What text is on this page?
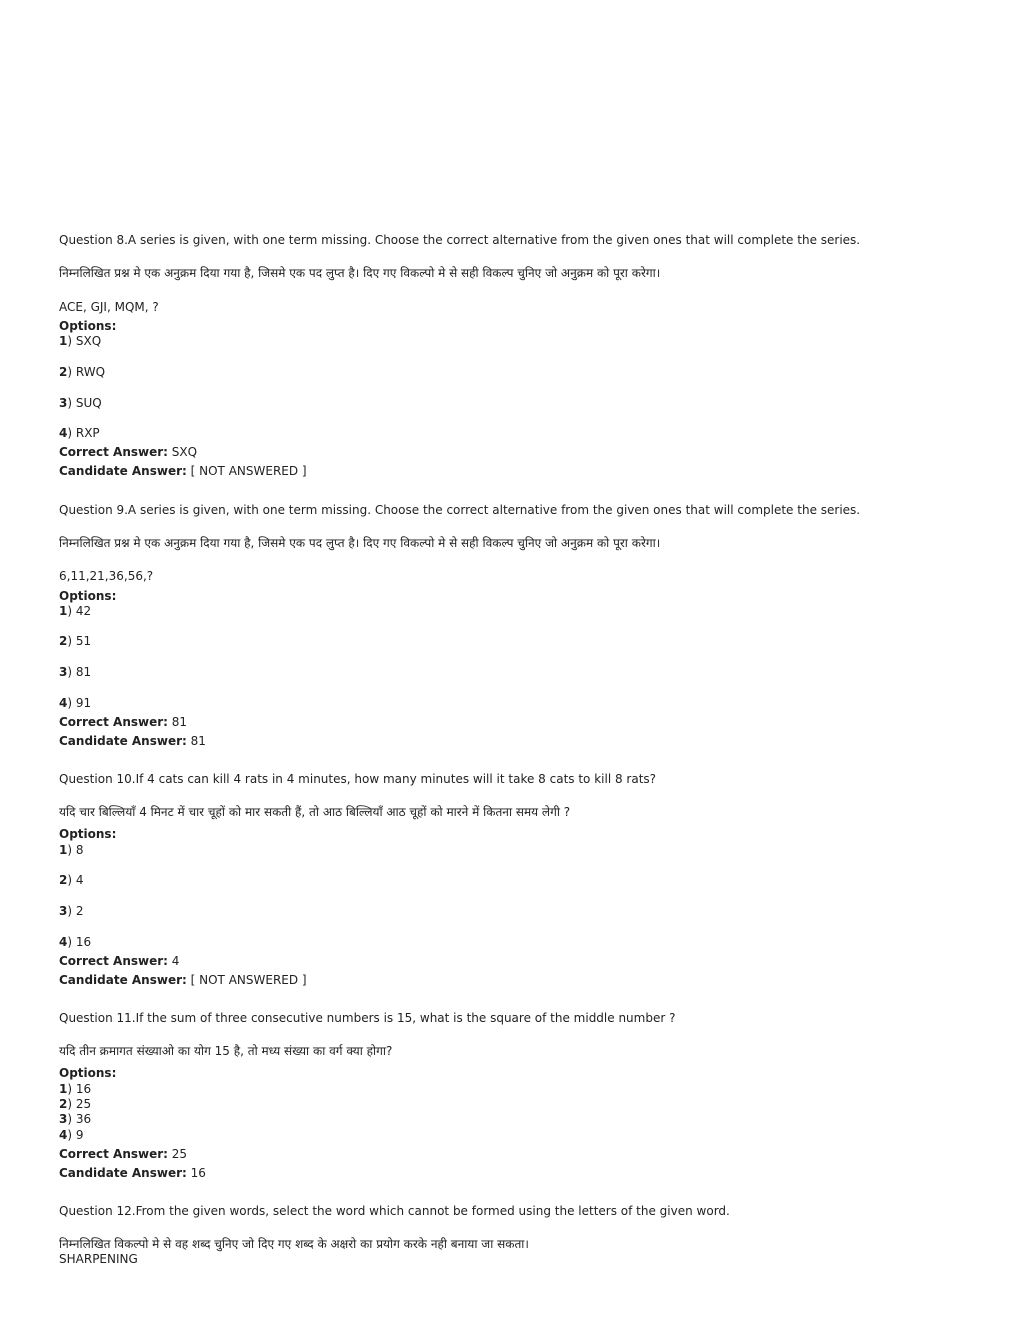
Question 8.A series is given, with one term missing. Choose the correct alternative from the given ones that will complete the series.
निम्नलिखित प्रश्न मे एक अनुक्रम दिया गया है, जिसमे एक पद लुप्त है। दिए गए विकल्पो मे से सही विकल्प चुनिए जो अनुक्रम को पूरा करेगा।
ACE, GJI, MQM, ?
Options:
1) SXQ
2) RWQ
3) SUQ
4) RXP
Correct Answer: SXQ
Candidate Answer: [ NOT ANSWERED ]
Question 9.A series is given, with one term missing. Choose the correct alternative from the given ones that will complete the series.
निम्नलिखित प्रश्न मे एक अनुक्रम दिया गया है, जिसमे एक पद लुप्त है। दिए गए विकल्पो मे से सही विकल्प चुनिए जो अनुक्रम को पूरा करेगा।
6,11,21,36,56,?
Options:
1) 42
2) 51
3) 81
4) 91
Correct Answer: 81
Candidate Answer: 81
Question 10.If 4 cats can kill 4 rats in 4 minutes, how many minutes will it take 8 cats to kill 8 rats?
यदि चार बिल्लियाँ 4 मिनट में चार चूहों को मार सकती हैं, तो आठ बिल्लियाँ आठ चूहों को मारने में कितना समय लेगी ?
Options:
1) 8
2) 4
3) 2
4) 16
Correct Answer: 4
Candidate Answer: [ NOT ANSWERED ]
Question 11.If the sum of three consecutive numbers is 15, what is the square of the middle number ?
यदि तीन क्रमागत संख्याओ का योग 15 है, तो मध्य संख्या का वर्ग क्या होगा?
Options:
1) 16
2) 25
3) 36
4) 9
Correct Answer: 25
Candidate Answer: 16
Question 12.From the given words, select the word which cannot be formed using the letters of the given word.
निम्नलिखित विकल्पो मे से वह शब्द चुनिए जो दिए गए शब्द के अक्षरो का प्रयोग करके नही बनाया जा सकता।
SHARPENING
